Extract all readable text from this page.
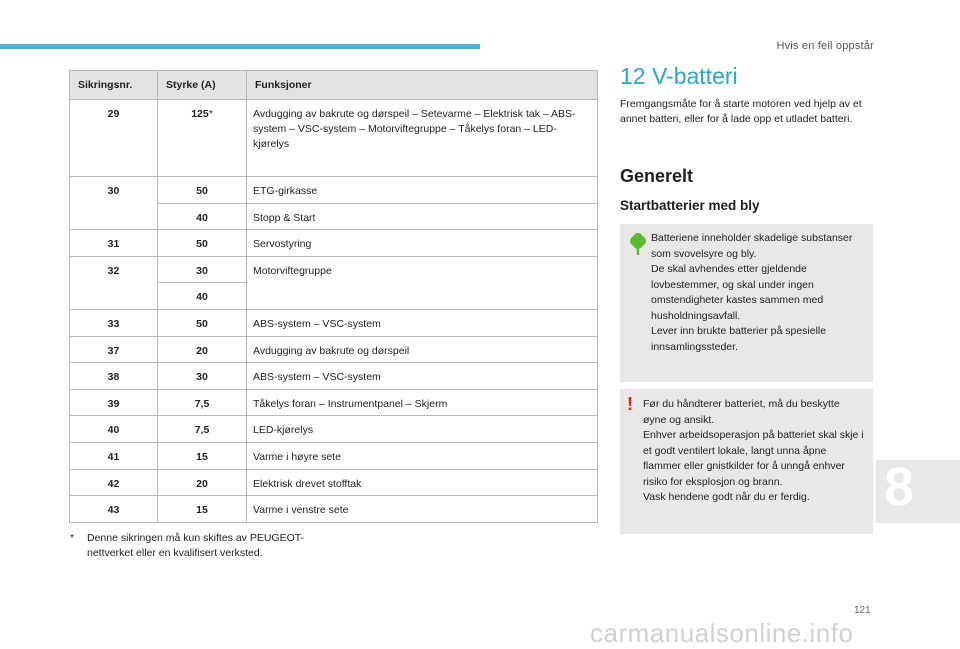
Hvis en feil oppstår
Sikringsnr.	Styrke (A)	Funksjoner
29	125*	Avdugging av bakrute og dørspeil – Setevarme – Elektrisk tak – ABS-system – VSC-system – Motorviftegruppe – Tåkelys foran – LED-kjørelys
30	50	ETG-girkasse
	40	Stopp & Start
31	50	Servostyring
32	30	Motorviftegruppe
	40	
33	50	ABS-system – VSC-system
37	20	Avdugging av bakrute og dørspeil
38	30	ABS-system – VSC-system
39	7,5	Tåkelys foran – Instrumentpanel – Skjerm
40	7,5	LED-kjørelys
41	15	Varme i høyre sete
42	20	Elektrisk drevet stofftak
43	15	Varme i venstre sete
* Denne sikringen må kun skiftes av PEUGEOT-nettverket eller en kvalifisert verksted.
12 V-batteri
Fremgangsmåte for å starte motoren ved hjelp av et annet batteri, eller for å lade opp et utladet batteri.
Generelt
Startbatterier med bly
Batteriene inneholder skadelige substanser som svovelsyre og bly.
De skal avhendes etter gjeldende lovbestemmer, og skal under ingen omstendigheter kastes sammen med husholdningsavfall.
Lever inn brukte batterier på spesielle innsamlingssteder.
! Før du håndterer batteriet, må du beskytte øyne og ansikt.
Enhver arbeidsoperasjon på batteriet skal skje i et godt ventilert lokale, langt unna åpne flammer eller gnistkilder for å unngå enhver risiko for eksplosjon og brann.
Vask hendene godt når du er ferdig.	8
121
carmanualsonline.info
